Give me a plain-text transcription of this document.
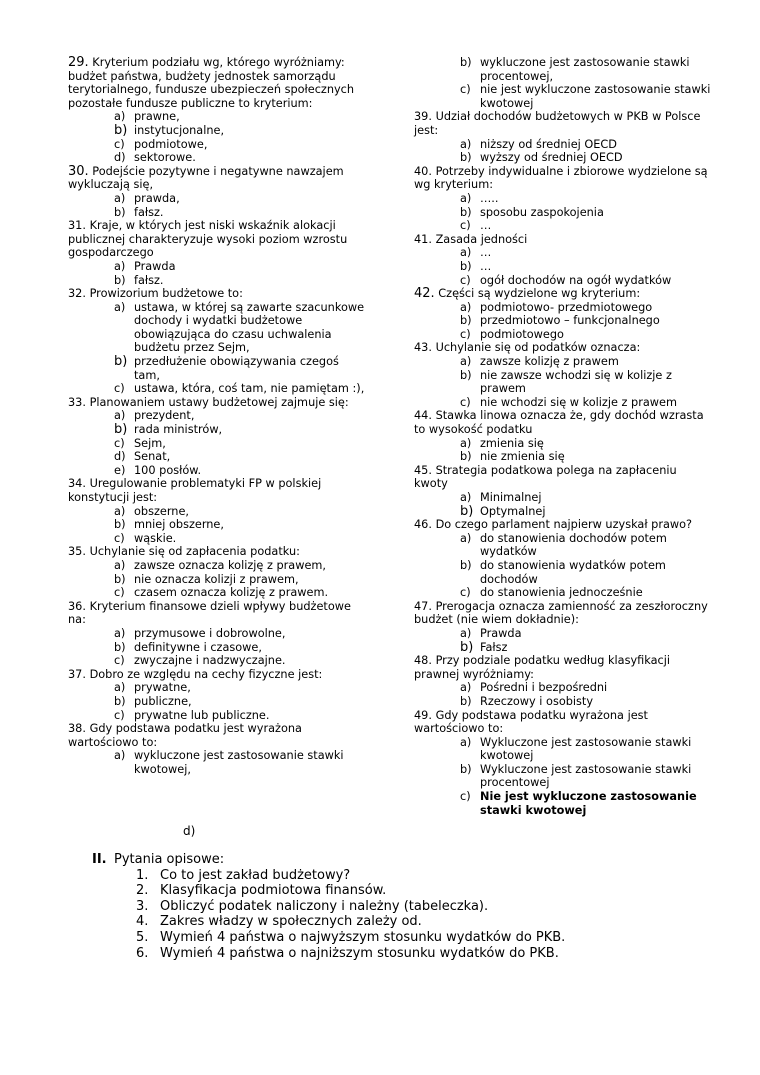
29. Kryterium podziału wg, którego wyróżniamy: budżet państwa, budżety jednostek samorządu terytorialnego, fundusze ubezpieczeń społecznych pozostałe fundusze publiczne to kryterium:

a) prawne,
b) instytucjonalne,
c) podmiotowe,
d) sektorowe.

30. Podejście pozytywne i negatywne nawzajem wykluczają się,

a) prawda,
b) fałsz.

31. Kraje, w których jest niski wskaźnik alokacji publicznej charakteryzuje wysoki poziom wzrostu gospodarczego

a) Prawda
b) fałsz.

32. Prowizorium budżetowe to:

a) ustawa, w której są zawarte szacunkowe dochody i wydatki budżetowe obowiązująca do czasu uchwalenia budżetu przez Sejm,
b) przedłużenie obowiązywania czegoś tam,
c) ustawa, która, coś tam, nie pamiętam :),

33. Planowaniem ustawy budżetowej zajmuje się:

a) prezydent,
b) rada ministrów,
c) Sejm,
d) Senat,
e) 100 posłów.

34. Uregulowanie problematyki FP w polskiej konstytucji jest:

a) obszerne,
b) mniej obszerne,
c) wąskie.

35. Uchylanie się od zapłacenia podatku:

a) zawsze oznacza kolizję z prawem,
b) nie oznacza kolizji z prawem,
c) czasem oznacza kolizję z prawem.

36. Kryterium finansowe dzieli wpływy budżetowe na:

a) przymusowe i dobrowolne,
b) definitywne i czasowe,
c) zwyczajne i nadzwyczajne.

37. Dobro ze względu na cechy fizyczne jest:

a) prywatne,
b) publiczne,
c) prywatne lub publiczne.

38. Gdy podstawa podatku jest wyrażona wartościowo to:

a) wykluczone jest zastosowanie stawki kwotowej,
b) wykluczone jest zastosowanie stawki procentowej,
c) nie jest wykluczone zastosowanie stawki kwotowej

39. Udział dochodów budżetowych w PKB w Polsce jest:

a) niższy od średniej OECD
b) wyższy od średniej OECD

40. Potrzeby indywidualne i zbiorowe wydzielone są wg kryterium:

a) …..
b) sposobu zaspokojenia
c) …

41. Zasada jedności

a) …
b) …
c) ogół dochodów na ogół wydatków

42. Części są wydzielone wg kryterium:

a) podmiotowo- przedmiotowego
b) przedmiotowo – funkcjonalnego
c) podmiotowego

43. Uchylanie się od podatków oznacza:

a) zawsze kolizję z prawem
b) nie zawsze wchodzi się w kolizje z prawem
c) nie wchodzi się w kolizje z prawem

44. Stawka linowa oznacza że, gdy dochód wzrasta to wysokość podatku

a) zmienia się
b) nie zmienia się

45. Strategia podatkowa polega na zapłaceniu kwoty

a) Minimalnej
b) Optymalnej

46. Do czego parlament najpierw uzyskał prawo?

a) do stanowienia dochodów potem wydatków
b) do stanowienia wydatków potem dochodów
c) do stanowienia jednocześnie

47. Prerogacja oznacza zamienność za zeszłoroczny budżet (nie wiem dokładnie):

a) Prawda
b) Fałsz

48. Przy podziale podatku według klasyfikacji prawnej wyróżniamy:

a) Pośredni i bezpośredni
b) Rzeczowy i osobisty

49. Gdy podstawa podatku wyrażona jest wartościowo to:

a) Wykluczone jest zastosowanie stawki kwotowej
b) Wykluczone jest zastosowanie stawki procentowej
c) Nie jest wykluczone zastosowanie stawki kwotowej
d)
II. Pytania opisowe:
1. Co to jest zakład budżetowy?
2. Klasyfikacja podmiotowa finansów.
3. Obliczyć podatek naliczony i należny (tabeleczka).
4. Zakres władzy w społecznych zależy od.
5. Wymień 4 państwa o najwyższym stosunku wydatków do PKB.
6. Wymień 4 państwa o najniższym stosunku wydatków do PKB.
